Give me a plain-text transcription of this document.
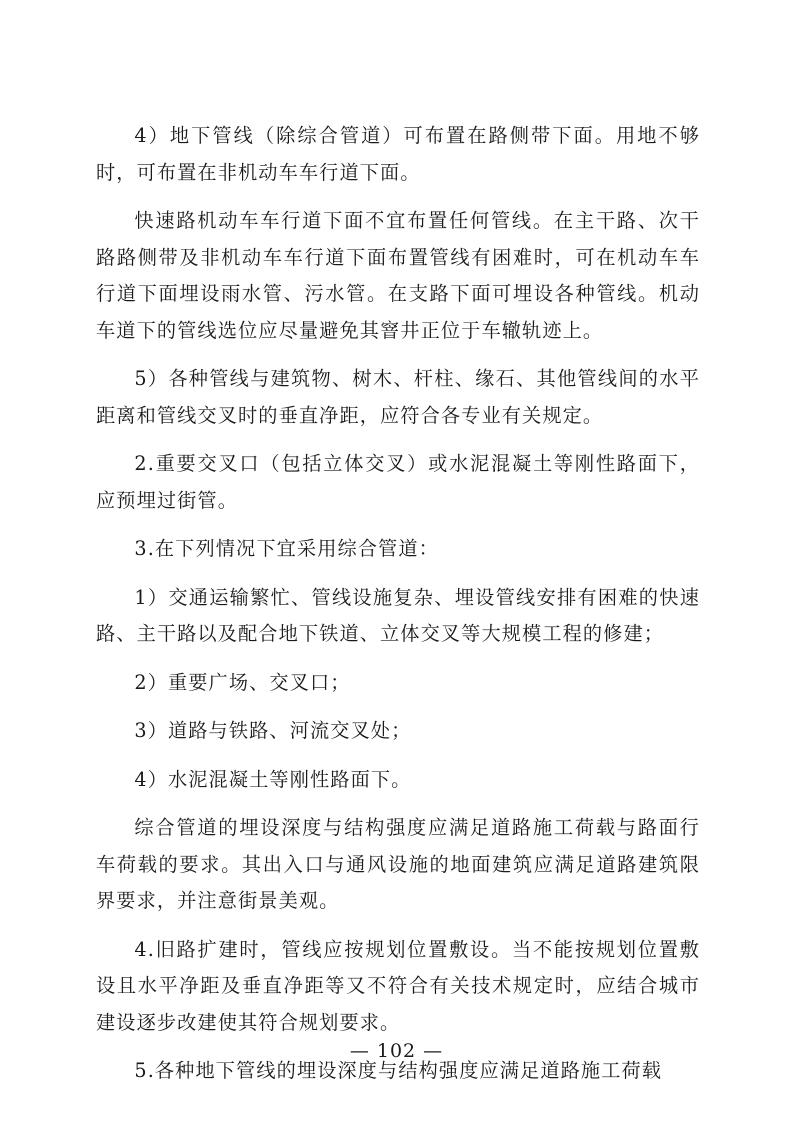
4）地下管线（除综合管道）可布置在路侧带下面。用地不够时，可布置在非机动车车行道下面。

快速路机动车车行道下面不宜布置任何管线。在主干路、次干路路侧带及非机动车车行道下面布置管线有困难时，可在机动车车行道下面埋设雨水管、污水管。在支路下面可埋设各种管线。机动车道下的管线选位应尽量避免其窨井正位于车辙轨迹上。

5）各种管线与建筑物、树木、杆柱、缘石、其他管线间的水平距离和管线交叉时的垂直净距，应符合各专业有关规定。

2.重要交叉口（包括立体交叉）或水泥混凝土等刚性路面下，应预埋过街管。

3.在下列情况下宜采用综合管道：

1）交通运输繁忙、管线设施复杂、埋设管线安排有困难的快速路、主干路以及配合地下铁道、立体交叉等大规模工程的修建；

2）重要广场、交叉口；

3）道路与铁路、河流交叉处；

4）水泥混凝土等刚性路面下。

综合管道的埋设深度与结构强度应满足道路施工荷载与路面行车荷载的要求。其出入口与通风设施的地面建筑应满足道路建筑限界要求，并注意街景美观。

4.旧路扩建时，管线应按规划位置敷设。当不能按规划位置敷设且水平净距及垂直净距等又不符合有关技术规定时，应结合城市建设逐步改建使其符合规划要求。

5.各种地下管线的埋设深度与结构强度应满足道路施工荷载

— 102 —
